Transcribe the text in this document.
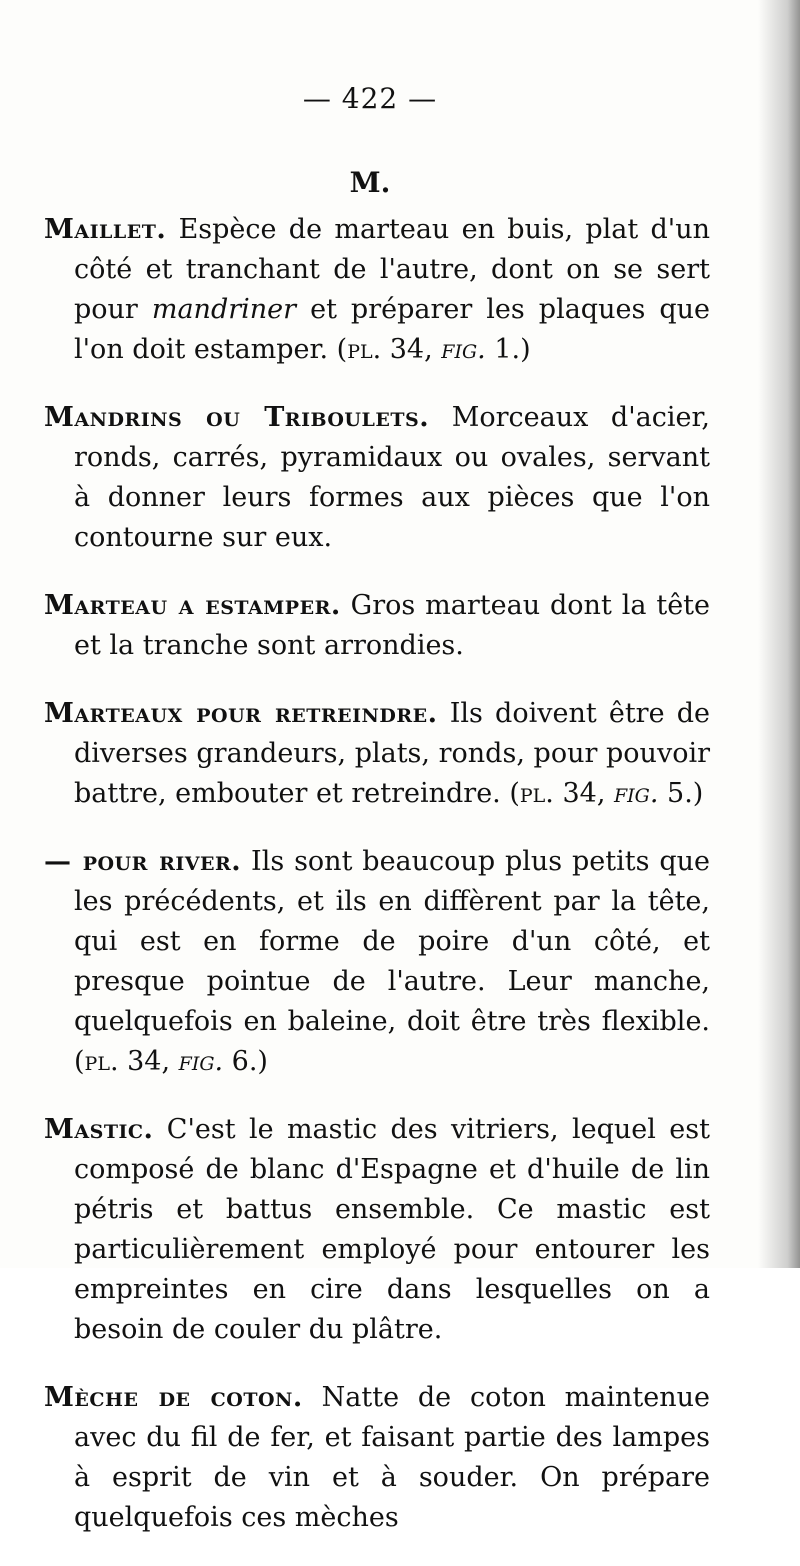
— 422 —
M.

Maillet. Espèce de marteau en buis, plat d'un côté et tranchant de l'autre, dont on se sert pour mandriner et préparer les plaques que l'on doit estamper. (pl. 34, fig. 1.)

Mandrins ou Triboulets. Morceaux d'acier, ronds, carrés, pyramidaux ou ovales, servant à donner leurs formes aux pièces que l'on contourne sur eux.

Marteau a estamper. Gros marteau dont la tête et la tranche sont arrondies.

Marteaux pour retreindre. Ils doivent être de diverses grandeurs, plats, ronds, pour pouvoir battre, embouter et retreindre. (pl. 34, fig. 5.)

— pour river. Ils sont beaucoup plus petits que les précédents, et ils en diffèrent par la tête, qui est en forme de poire d'un côté, et presque pointue de l'autre. Leur manche, quelquefois en baleine, doit être très flexible. (pl. 34, fig. 6.)

Mastic. C'est le mastic des vitriers, lequel est composé de blanc d'Espagne et d'huile de lin pétris et battus ensemble. Ce mastic est particulièrement employé pour entourer les empreintes en cire dans lesquelles on a besoin de couler du plâtre.

Mèche de coton. Natte de coton maintenue avec du fil de fer, et faisant partie des lampes à esprit de vin et à souder. On prépare quelquefois ces mèches
